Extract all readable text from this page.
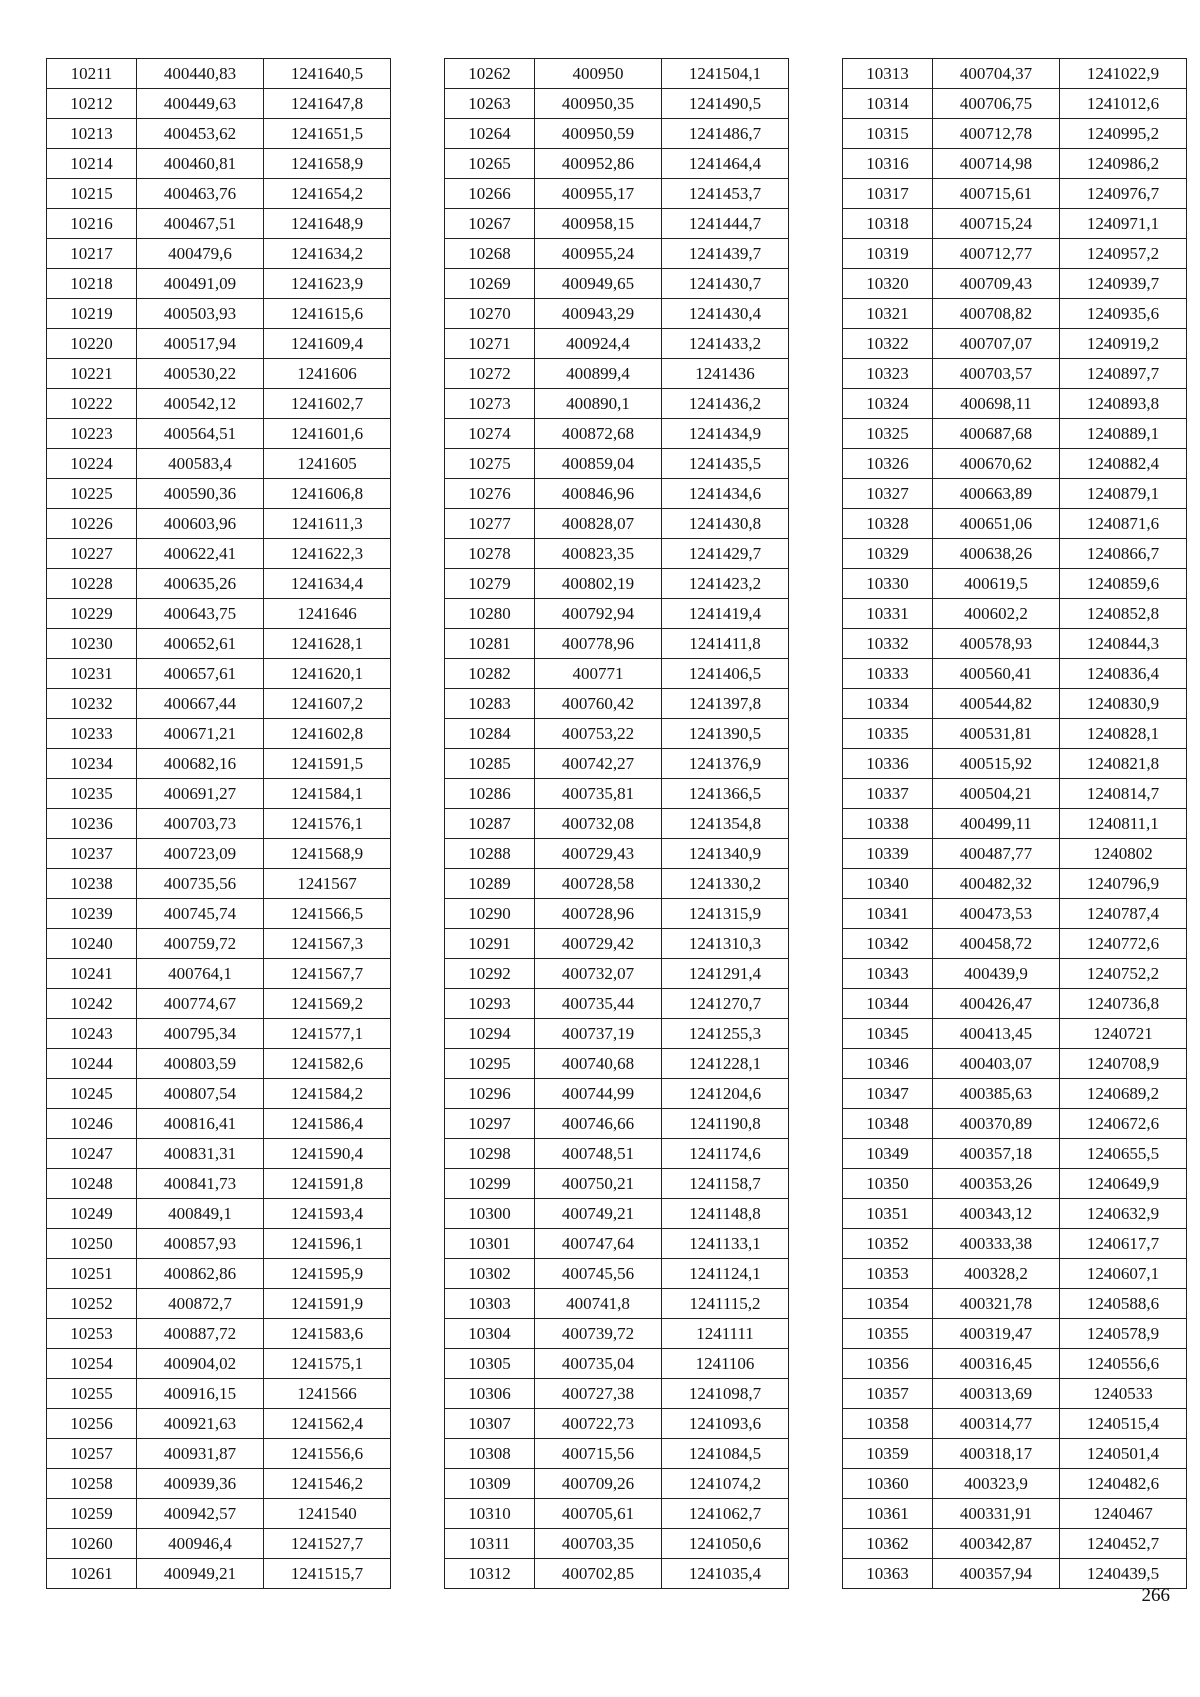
10211	400440,83	1241640,5
10212	400449,63	1241647,8
10213	400453,62	1241651,5
10214	400460,81	1241658,9
10215	400463,76	1241654,2
10216	400467,51	1241648,9
10217	400479,6	1241634,2
10218	400491,09	1241623,9
10219	400503,93	1241615,6
10220	400517,94	1241609,4
10221	400530,22	1241606
10222	400542,12	1241602,7
10223	400564,51	1241601,6
10224	400583,4	1241605
10225	400590,36	1241606,8
10226	400603,96	1241611,3
10227	400622,41	1241622,3
10228	400635,26	1241634,4
10229	400643,75	1241646
10230	400652,61	1241628,1
10231	400657,61	1241620,1
10232	400667,44	1241607,2
10233	400671,21	1241602,8
10234	400682,16	1241591,5
10235	400691,27	1241584,1
10236	400703,73	1241576,1
10237	400723,09	1241568,9
10238	400735,56	1241567
10239	400745,74	1241566,5
10240	400759,72	1241567,3
10241	400764,1	1241567,7
10242	400774,67	1241569,2
10243	400795,34	1241577,1
10244	400803,59	1241582,6
10245	400807,54	1241584,2
10246	400816,41	1241586,4
10247	400831,31	1241590,4
10248	400841,73	1241591,8
10249	400849,1	1241593,4
10250	400857,93	1241596,1
10251	400862,86	1241595,9
10252	400872,7	1241591,9
10253	400887,72	1241583,6
10254	400904,02	1241575,1
10255	400916,15	1241566
10256	400921,63	1241562,4
10257	400931,87	1241556,6
10258	400939,36	1241546,2
10259	400942,57	1241540
10260	400946,4	1241527,7
10261	400949,21	1241515,7
10262	400950	1241504,1
10263	400950,35	1241490,5
10264	400950,59	1241486,7
10265	400952,86	1241464,4
10266	400955,17	1241453,7
10267	400958,15	1241444,7
10268	400955,24	1241439,7
10269	400949,65	1241430,7
10270	400943,29	1241430,4
10271	400924,4	1241433,2
10272	400899,4	1241436
10273	400890,1	1241436,2
10274	400872,68	1241434,9
10275	400859,04	1241435,5
10276	400846,96	1241434,6
10277	400828,07	1241430,8
10278	400823,35	1241429,7
10279	400802,19	1241423,2
10280	400792,94	1241419,4
10281	400778,96	1241411,8
10282	400771	1241406,5
10283	400760,42	1241397,8
10284	400753,22	1241390,5
10285	400742,27	1241376,9
10286	400735,81	1241366,5
10287	400732,08	1241354,8
10288	400729,43	1241340,9
10289	400728,58	1241330,2
10290	400728,96	1241315,9
10291	400729,42	1241310,3
10292	400732,07	1241291,4
10293	400735,44	1241270,7
10294	400737,19	1241255,3
10295	400740,68	1241228,1
10296	400744,99	1241204,6
10297	400746,66	1241190,8
10298	400748,51	1241174,6
10299	400750,21	1241158,7
10300	400749,21	1241148,8
10301	400747,64	1241133,1
10302	400745,56	1241124,1
10303	400741,8	1241115,2
10304	400739,72	1241111
10305	400735,04	1241106
10306	400727,38	1241098,7
10307	400722,73	1241093,6
10308	400715,56	1241084,5
10309	400709,26	1241074,2
10310	400705,61	1241062,7
10311	400703,35	1241050,6
10312	400702,85	1241035,4
10313	400704,37	1241022,9
10314	400706,75	1241012,6
10315	400712,78	1240995,2
10316	400714,98	1240986,2
10317	400715,61	1240976,7
10318	400715,24	1240971,1
10319	400712,77	1240957,2
10320	400709,43	1240939,7
10321	400708,82	1240935,6
10322	400707,07	1240919,2
10323	400703,57	1240897,7
10324	400698,11	1240893,8
10325	400687,68	1240889,1
10326	400670,62	1240882,4
10327	400663,89	1240879,1
10328	400651,06	1240871,6
10329	400638,26	1240866,7
10330	400619,5	1240859,6
10331	400602,2	1240852,8
10332	400578,93	1240844,3
10333	400560,41	1240836,4
10334	400544,82	1240830,9
10335	400531,81	1240828,1
10336	400515,92	1240821,8
10337	400504,21	1240814,7
10338	400499,11	1240811,1
10339	400487,77	1240802
10340	400482,32	1240796,9
10341	400473,53	1240787,4
10342	400458,72	1240772,6
10343	400439,9	1240752,2
10344	400426,47	1240736,8
10345	400413,45	1240721
10346	400403,07	1240708,9
10347	400385,63	1240689,2
10348	400370,89	1240672,6
10349	400357,18	1240655,5
10350	400353,26	1240649,9
10351	400343,12	1240632,9
10352	400333,38	1240617,7
10353	400328,2	1240607,1
10354	400321,78	1240588,6
10355	400319,47	1240578,9
10356	400316,45	1240556,6
10357	400313,69	1240533
10358	400314,77	1240515,4
10359	400318,17	1240501,4
10360	400323,9	1240482,6
10361	400331,91	1240467
10362	400342,87	1240452,7
10363	400357,94	1240439,5
266
